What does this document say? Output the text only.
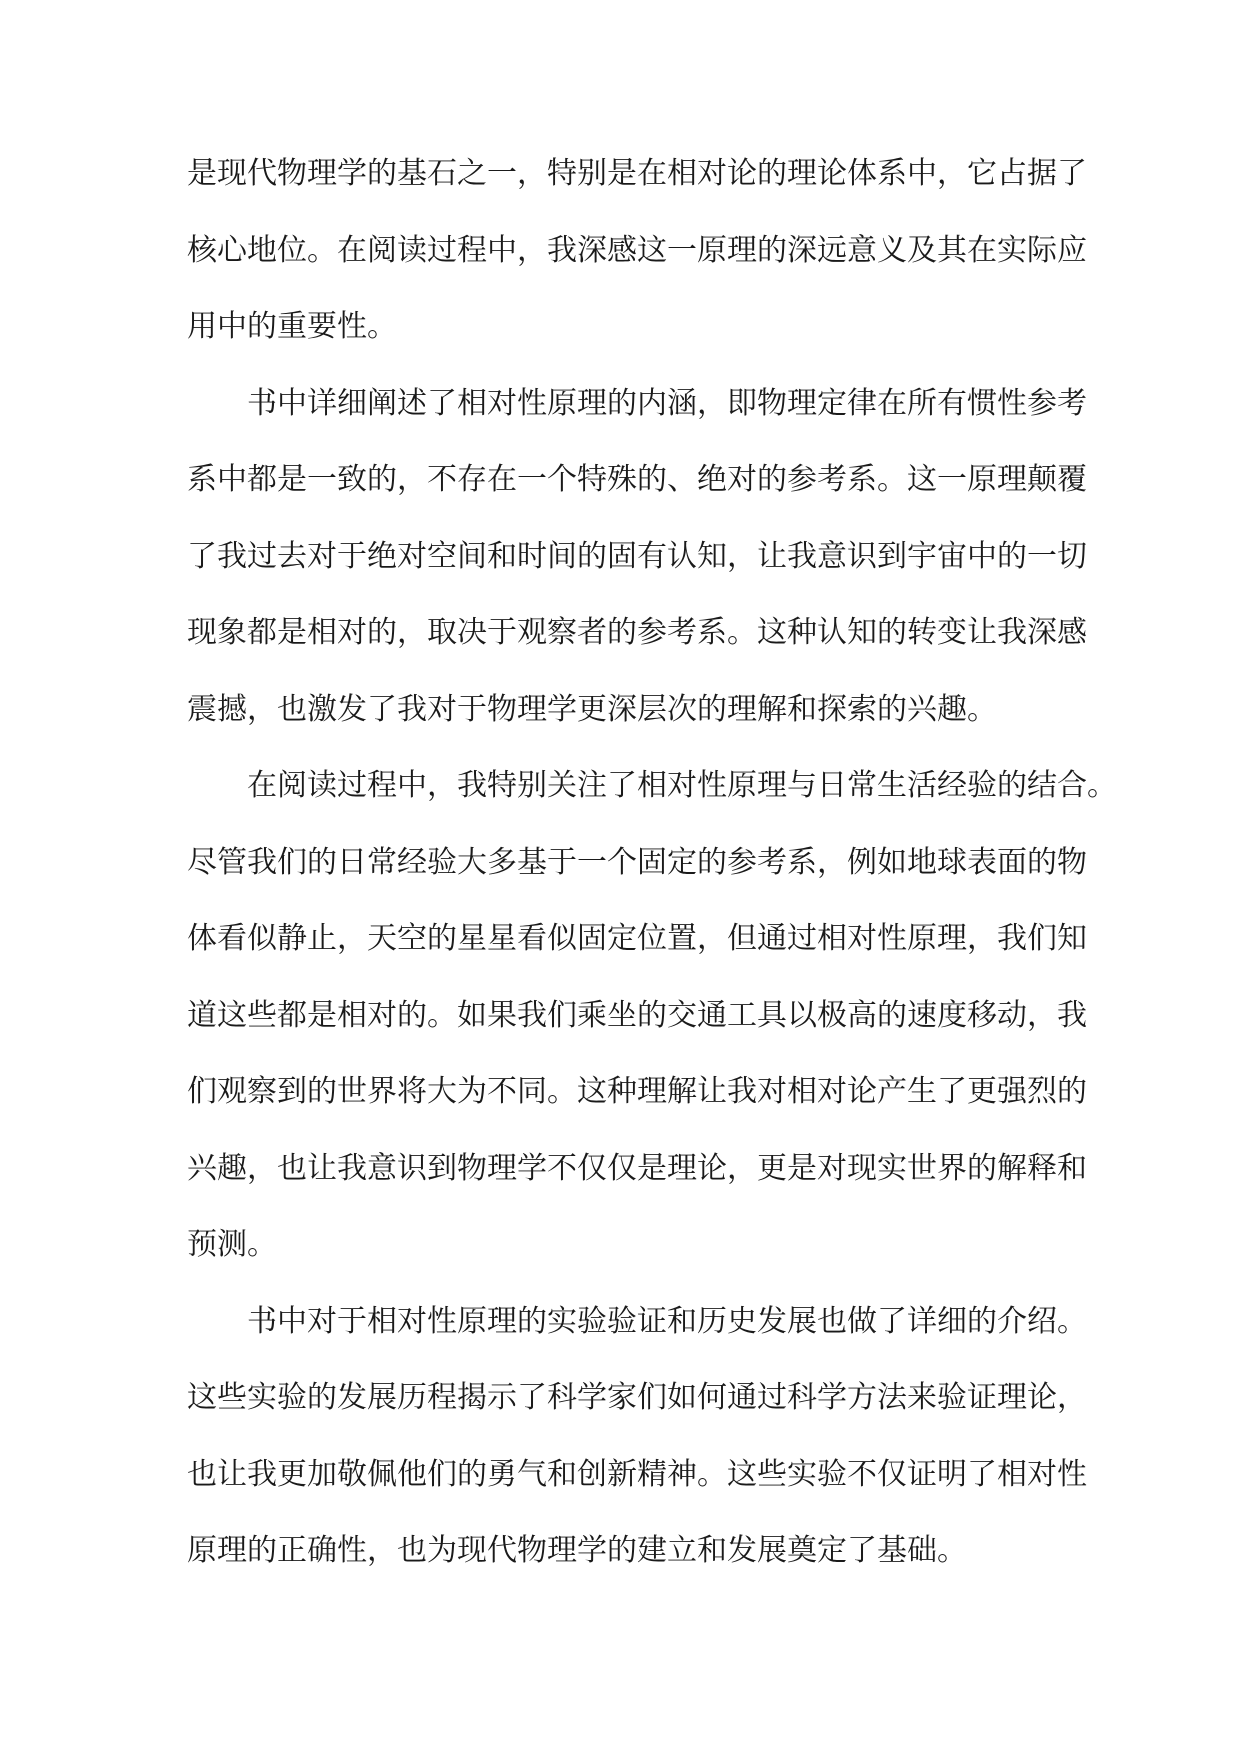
是现代物理学的基石之一，特别是在相对论的理论体系中，它占据了
核心地位。在阅读过程中，我深感这一原理的深远意义及其在实际应
用中的重要性。
书中详细阐述了相对性原理的内涵，即物理定律在所有惯性参考
系中都是一致的，不存在一个特殊的、绝对的参考系。这一原理颠覆
了我过去对于绝对空间和时间的固有认知，让我意识到宇宙中的一切
现象都是相对的，取决于观察者的参考系。这种认知的转变让我深感
震撼，也激发了我对于物理学更深层次的理解和探索的兴趣。
在阅读过程中，我特别关注了相对性原理与日常生活经验的结合。
尽管我们的日常经验大多基于一个固定的参考系，例如地球表面的物
体看似静止，天空的星星看似固定位置，但通过相对性原理，我们知
道这些都是相对的。如果我们乘坐的交通工具以极高的速度移动，我
们观察到的世界将大为不同。这种理解让我对相对论产生了更强烈的
兴趣，也让我意识到物理学不仅仅是理论，更是对现实世界的解释和
预测。
书中对于相对性原理的实验验证和历史发展也做了详细的介绍。
这些实验的发展历程揭示了科学家们如何通过科学方法来验证理论，
也让我更加敬佩他们的勇气和创新精神。这些实验不仅证明了相对性
原理的正确性，也为现代物理学的建立和发展奠定了基础。
